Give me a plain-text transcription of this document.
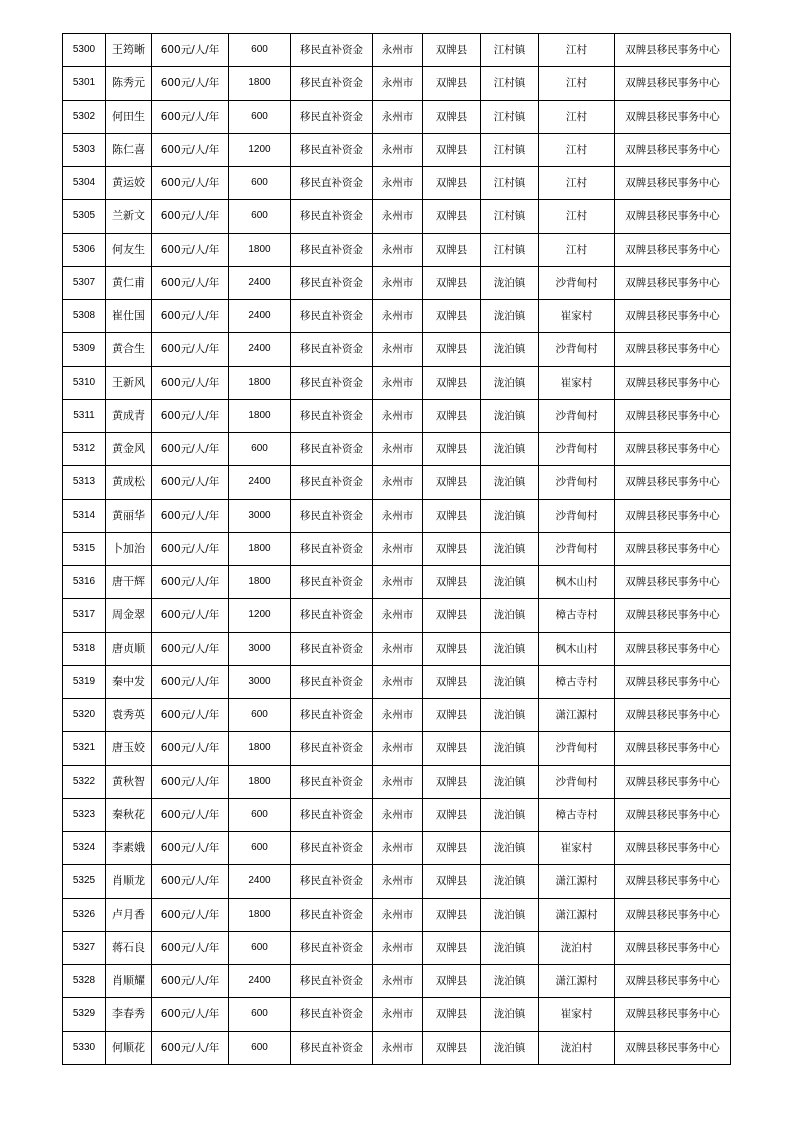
5300	王筠晰	600元/人/年	600	移民直补资金	永州市	双牌县	江村镇	江村	双牌县移民事务中心
5301	陈秀元	600元/人/年	1800	移民直补资金	永州市	双牌县	江村镇	江村	双牌县移民事务中心
5302	何田生	600元/人/年	600	移民直补资金	永州市	双牌县	江村镇	江村	双牌县移民事务中心
5303	陈仁喜	600元/人/年	1200	移民直补资金	永州市	双牌县	江村镇	江村	双牌县移民事务中心
5304	黄运姣	600元/人/年	600	移民直补资金	永州市	双牌县	江村镇	江村	双牌县移民事务中心
5305	兰新文	600元/人/年	600	移民直补资金	永州市	双牌县	江村镇	江村	双牌县移民事务中心
5306	何友生	600元/人/年	1800	移民直补资金	永州市	双牌县	江村镇	江村	双牌县移民事务中心
5307	黄仁甫	600元/人/年	2400	移民直补资金	永州市	双牌县	泷泊镇	沙背甸村	双牌县移民事务中心
5308	崔仕国	600元/人/年	2400	移民直补资金	永州市	双牌县	泷泊镇	崔家村	双牌县移民事务中心
5309	黄合生	600元/人/年	2400	移民直补资金	永州市	双牌县	泷泊镇	沙背甸村	双牌县移民事务中心
5310	王新风	600元/人/年	1800	移民直补资金	永州市	双牌县	泷泊镇	崔家村	双牌县移民事务中心
5311	黄成青	600元/人/年	1800	移民直补资金	永州市	双牌县	泷泊镇	沙背甸村	双牌县移民事务中心
5312	黄金风	600元/人/年	600	移民直补资金	永州市	双牌县	泷泊镇	沙背甸村	双牌县移民事务中心
5313	黄成松	600元/人/年	2400	移民直补资金	永州市	双牌县	泷泊镇	沙背甸村	双牌县移民事务中心
5314	黄丽华	600元/人/年	3000	移民直补资金	永州市	双牌县	泷泊镇	沙背甸村	双牌县移民事务中心
5315	卜加治	600元/人/年	1800	移民直补资金	永州市	双牌县	泷泊镇	沙背甸村	双牌县移民事务中心
5316	唐干辉	600元/人/年	1800	移民直补资金	永州市	双牌县	泷泊镇	枫木山村	双牌县移民事务中心
5317	周金翠	600元/人/年	1200	移民直补资金	永州市	双牌县	泷泊镇	樟古寺村	双牌县移民事务中心
5318	唐贞顺	600元/人/年	3000	移民直补资金	永州市	双牌县	泷泊镇	枫木山村	双牌县移民事务中心
5319	秦中发	600元/人/年	3000	移民直补资金	永州市	双牌县	泷泊镇	樟古寺村	双牌县移民事务中心
5320	袁秀英	600元/人/年	600	移民直补资金	永州市	双牌县	泷泊镇	潇江源村	双牌县移民事务中心
5321	唐玉姣	600元/人/年	1800	移民直补资金	永州市	双牌县	泷泊镇	沙背甸村	双牌县移民事务中心
5322	黄秋智	600元/人/年	1800	移民直补资金	永州市	双牌县	泷泊镇	沙背甸村	双牌县移民事务中心
5323	秦秋花	600元/人/年	600	移民直补资金	永州市	双牌县	泷泊镇	樟古寺村	双牌县移民事务中心
5324	李素娥	600元/人/年	600	移民直补资金	永州市	双牌县	泷泊镇	崔家村	双牌县移民事务中心
5325	肖顺龙	600元/人/年	2400	移民直补资金	永州市	双牌县	泷泊镇	潇江源村	双牌县移民事务中心
5326	卢月香	600元/人/年	1800	移民直补资金	永州市	双牌县	泷泊镇	潇江源村	双牌县移民事务中心
5327	蒋石良	600元/人/年	600	移民直补资金	永州市	双牌县	泷泊镇	泷泊村	双牌县移民事务中心
5328	肖顺耀	600元/人/年	2400	移民直补资金	永州市	双牌县	泷泊镇	潇江源村	双牌县移民事务中心
5329	李春秀	600元/人/年	600	移民直补资金	永州市	双牌县	泷泊镇	崔家村	双牌县移民事务中心
5330	何顺花	600元/人/年	600	移民直补资金	永州市	双牌县	泷泊镇	泷泊村	双牌县移民事务中心
